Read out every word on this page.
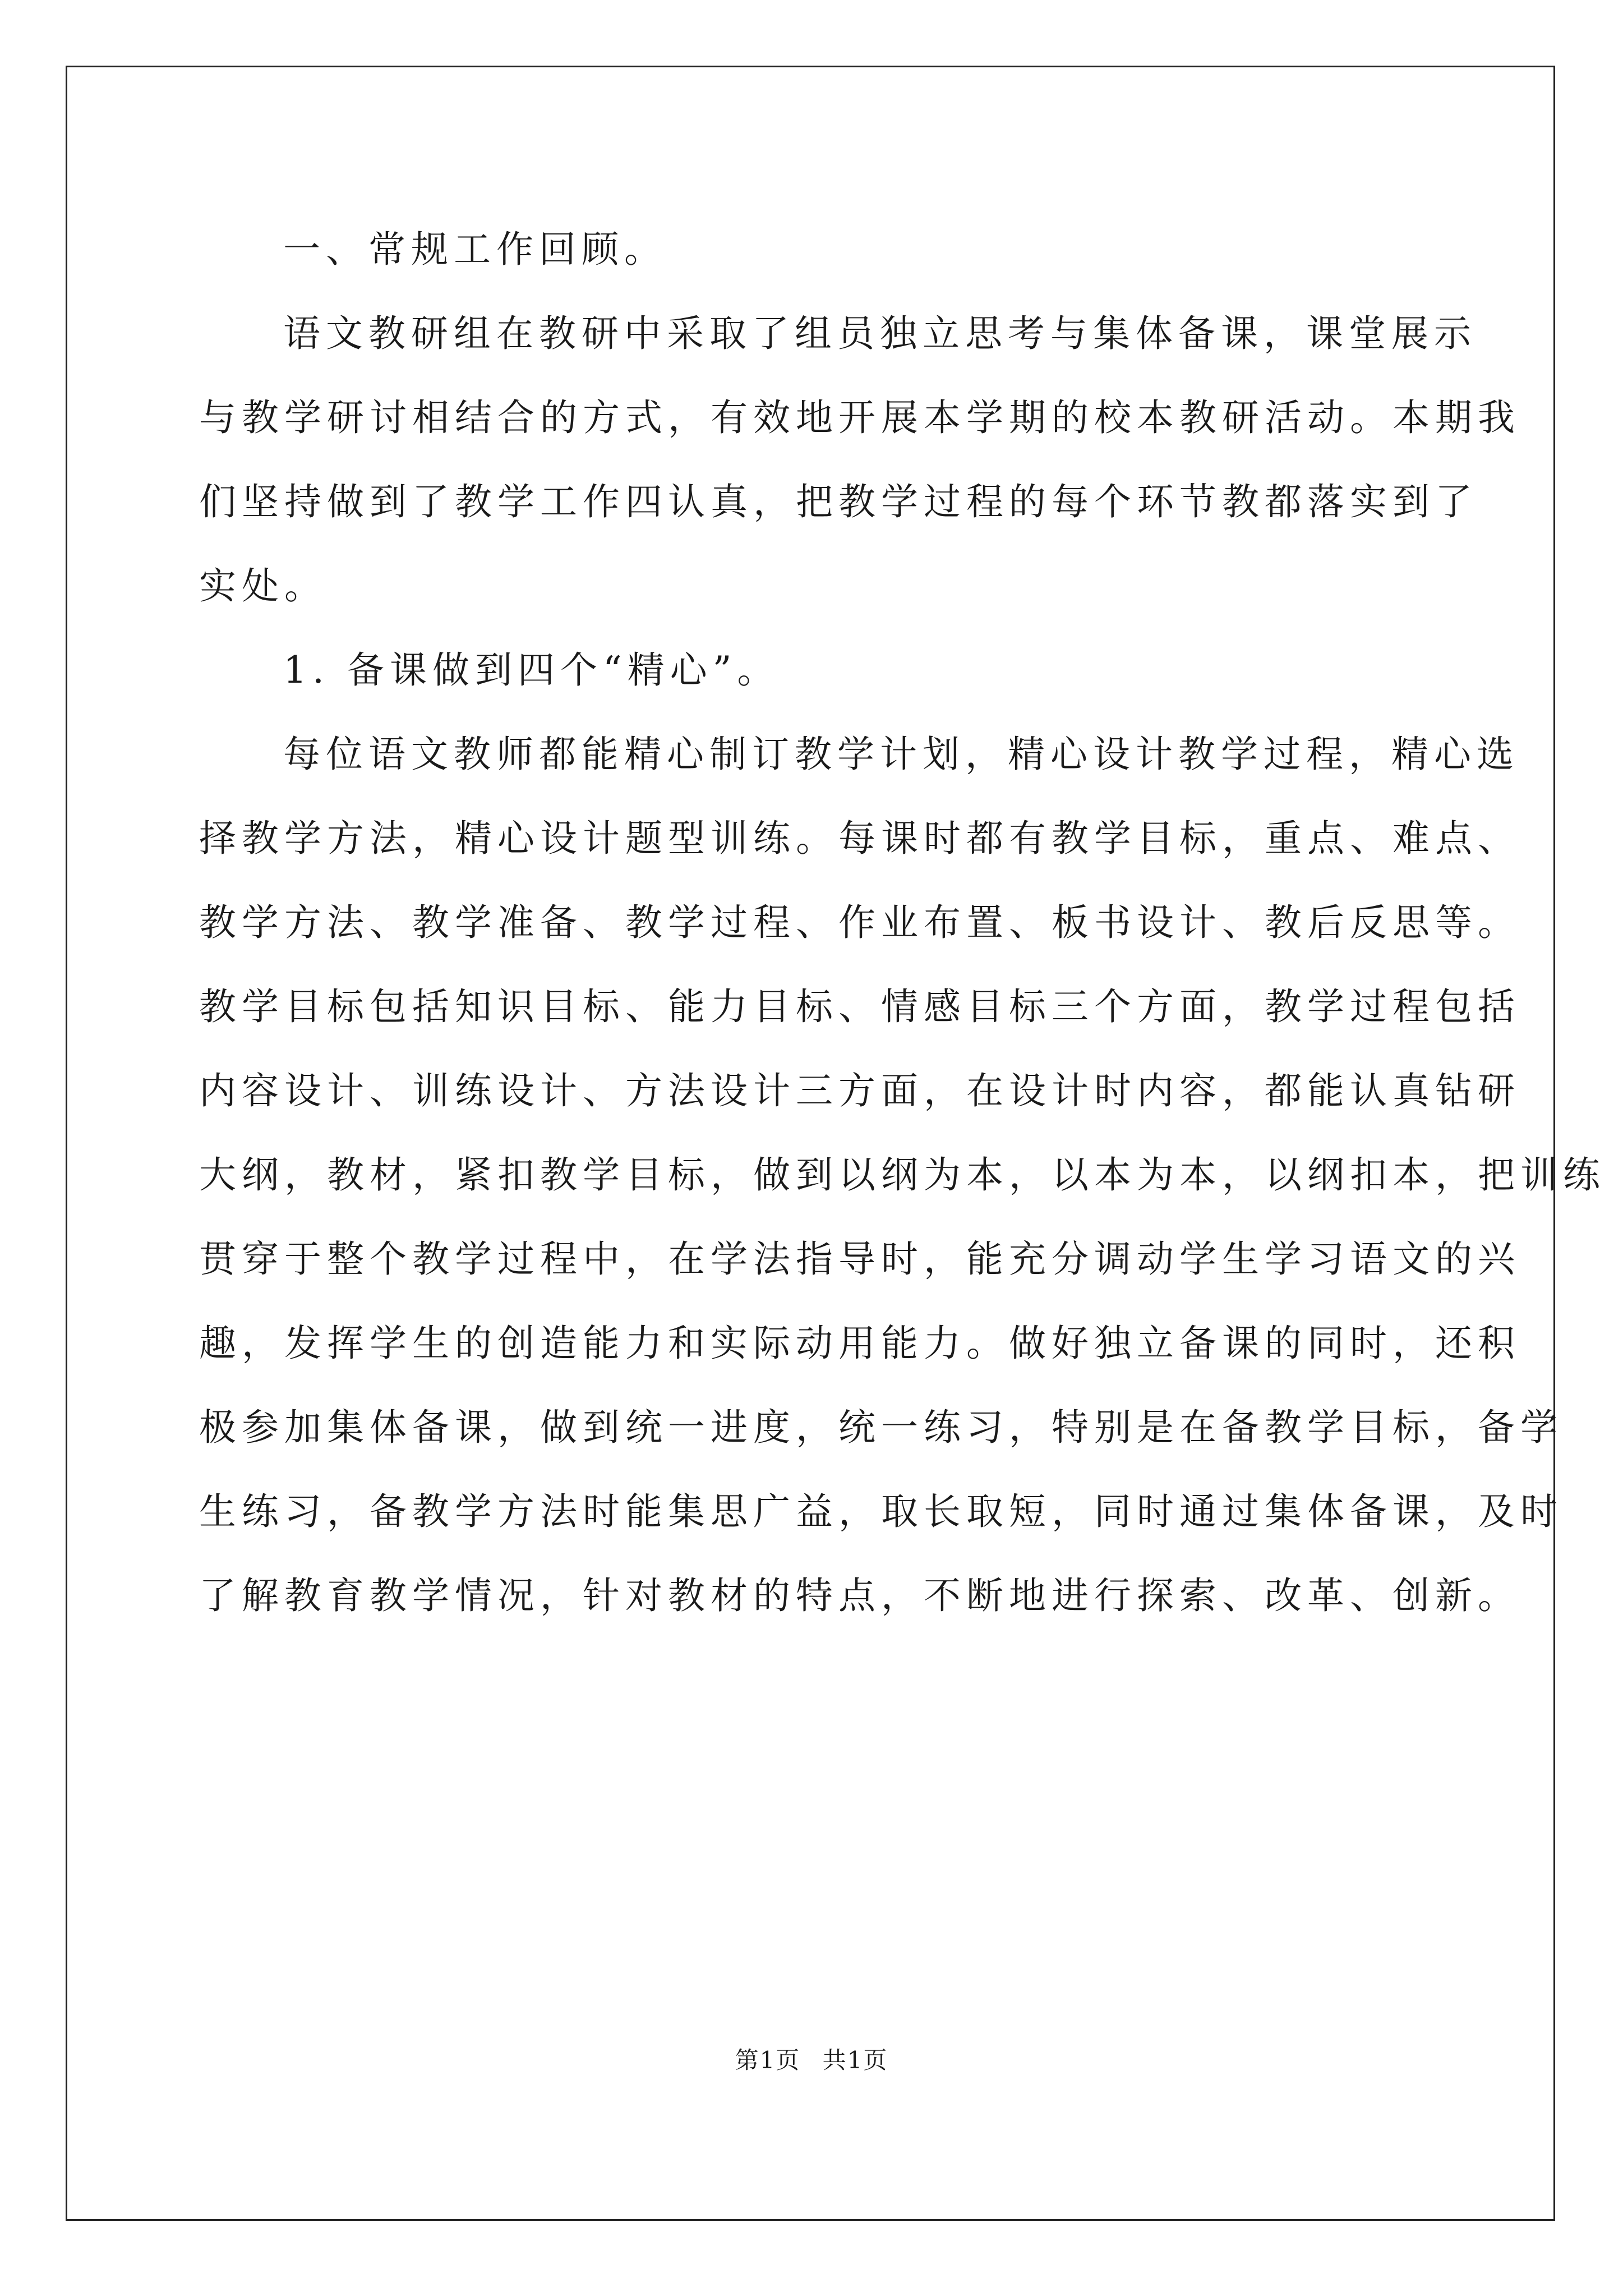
一、常规工作回顾。

语文教研组在教研中采取了组员独立思考与集体备课，课堂展示

与教学研讨相结合的方式，有效地开展本学期的校本教研活动。本期我

们坚持做到了教学工作四认真，把教学过程的每个环节教都落实到了

实处。

1. 备课做到四个“精心”。

每位语文教师都能精心制订教学计划，精心设计教学过程，精心选

择教学方法，精心设计题型训练。每课时都有教学目标，重点、难点、

教学方法、教学准备、教学过程、作业布置、板书设计、教后反思等。

教学目标包括知识目标、能力目标、情感目标三个方面，教学过程包括

内容设计、训练设计、方法设计三方面，在设计时内容，都能认真钻研

大纲，教材，紧扣教学目标，做到以纲为本，以本为本，以纲扣本，把训练

贯穿于整个教学过程中，在学法指导时，能充分调动学生学习语文的兴

趣，发挥学生的创造能力和实际动用能力。做好独立备课的同时，还积

极参加集体备课，做到统一进度，统一练习，特别是在备教学目标，备学

生练习，备教学方法时能集思广益，取长取短，同时通过集体备课，及时

了解教育教学情况，针对教材的特点，不断地进行探索、改革、创新。

第1页 共1页
